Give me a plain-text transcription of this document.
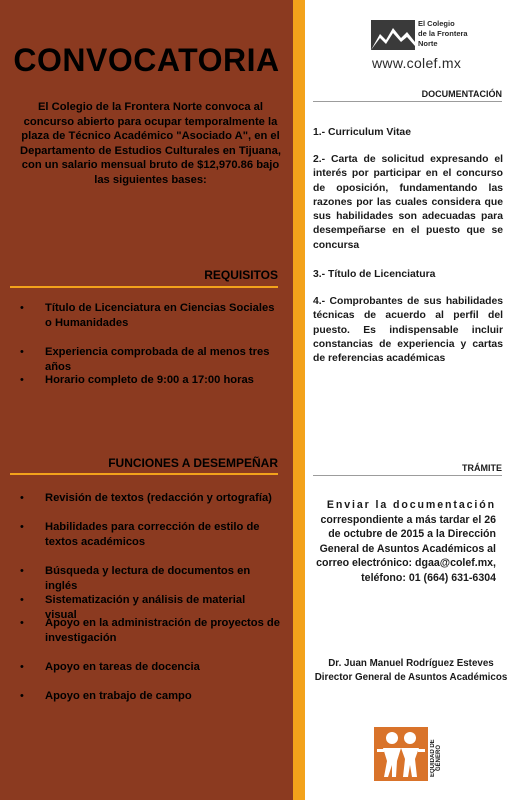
CONVOCATORIA
El Colegio de la Frontera Norte convoca al concurso abierto para ocupar temporalmente la plaza de Técnico Académico "Asociado A", en el Departamento de Estudios Culturales en Tijuana, con un salario mensual bruto de $12,970.86 bajo las siguientes bases:
REQUISITOS
• Título de Licenciatura en Ciencias Sociales o Humanidades
• Experiencia comprobada de al menos tres años
• Horario completo de 9:00 a 17:00 horas
FUNCIONES A DESEMPEÑAR
• Revisión de textos (redacción y ortografía)
• Habilidades para corrección de estilo de textos académicos
• Búsqueda y lectura de documentos en inglés
• Sistematización y análisis de material visual
• Apoyo en la administración de proyectos de investigación
• Apoyo en tareas de docencia
• Apoyo en trabajo de campo
El Colegio
de la Frontera
Norte
www.colef.mx
DOCUMENTACIÓN
1.- Curriculum Vitae
2.- Carta de solicitud expresando el interés por participar en el concurso de oposición, fundamentando las razones por las cuales considera que sus habilidades son adecuadas para desempeñarse en el puesto que se concursa
3.- Título de Licenciatura
4.- Comprobantes de sus habilidades técnicas de acuerdo al perfil del puesto. Es indispensable incluir constancias de experiencia y cartas de referencias académicas
TRÁMITE
Enviar la documentación
correspondiente a más tardar el 26 de octubre de 2015 a la Dirección General de Asuntos Académicos al correo electrónico: dgaa@colef.mx, teléfono: 01 (664) 631-6304
Dr. Juan Manuel Rodríguez Esteves
Director General de Asuntos Académicos
EQUIDAD DE GÉNERO
